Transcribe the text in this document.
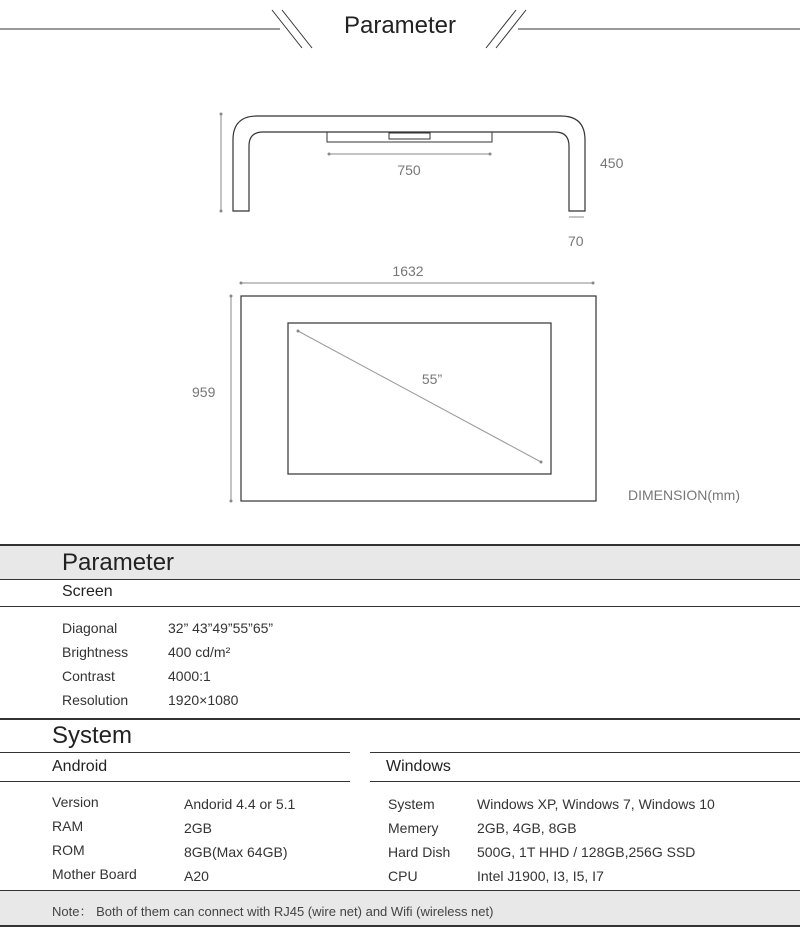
Parameter
750	450
70
1632
55”
959
DIMENSION(mm)
Parameter
Screen
Diagonal	32” 43”49”55”65”
Brightness	400 cd/m²
Contrast	4000:1
Resolution	1920×1080
System
Android	Windows
Version	Andorid 4.4 or 5.1
RAM	2GB
ROM	8GB(Max 64GB)
Mother Board	A20
System	Windows XP, Windows 7, Windows 10
Memery	2GB, 4GB, 8GB
Hard Dish 500G, 1T HHD / 128GB,256G SSD
CPU	Intel J1900, I3, I5, I7
Note： Both of them can connect with RJ45 (wire net) and Wifi (wireless net)
